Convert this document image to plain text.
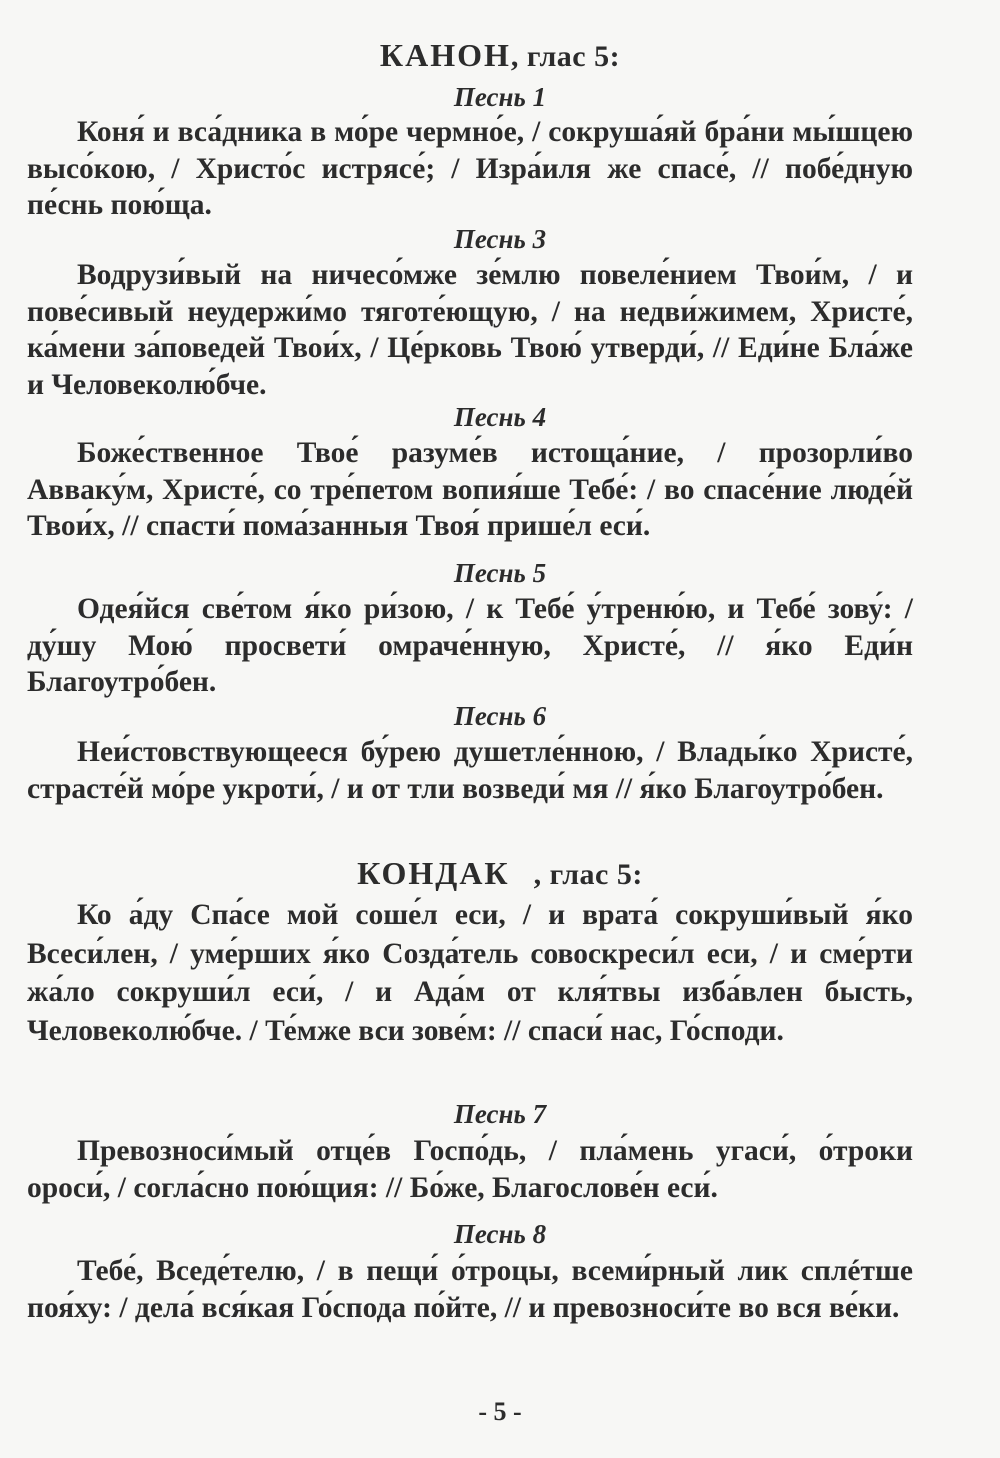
КАНОН, глас 5:
Песнь 1
Коня́ и вса́дника в мо́ре чермно́е, / сокруша́яй бра́ни мы́шцею высо́кою, / Христо́с истрясе́; / Изра́иля же спасе́, // побе́дную пе́снь пою́ща.
Песнь 3
Водрузи́вый на ничесо́мже зе́млю повеле́нием Твои́м, / и пове́сивый неудержи́мо тяготе́ющую, / на недви́жимем, Христе́, ка́мени за́поведей Твои́х, / Це́рковь Твою́ утверди́, // Еди́не Бла́же и Человеколю́бче.
Песнь 4
Боже́ственное Твое́ разуме́в истоща́ние, / прозорли́во Авваку́м, Христе́, со тре́петом вопия́ше Тебе́: / во спасе́ние люде́й Твои́х, // спасти́ пома́занныя Твоя́ прише́л еси́.
Песнь 5
Одея́йся све́том я́ко ри́зою, / к Тебе́ у́треню́ю, и Тебе́ зову́: / ду́шу Мою́ просвети́ омраче́нную, Христе́, // я́ко Еди́н Благоутро́бен.
Песнь 6
Неи́стовствующееся бу́рею душетле́нною, / Влады́ко Христе́, страсте́й мо́ре укроти́, / и от тли возведи́ мя // я́ко Благоутро́бен.
КОНДАК , глас 5:
Ко а́ду Спа́се мой соше́л еси, / и врата́ сокруши́вый я́ко Всеси́лен, / уме́рших я́ко Созда́тель совоскреси́л еси, / и сме́рти жа́ло сокруши́л еси́, / и Ада́м от кля́твы изба́влен бысть, Человеколю́бче. / Те́мже вси зове́м: // спаси́ нас, Го́споди.
Песнь 7
Превозноси́мый отце́в Госпо́дь, / пла́мень угаси́, о́троки ороси́, / согла́сно пою́щия: // Бо́же, Благослове́н еси́.
Песнь 8
Тебе́, Вседе́телю, / в пещи́ о́троцы, всеми́рный лик сплéтше поя́ху: / дела́ вся́кая Го́спода по́йте, // и превозноси́те во вся ве́ки.
- 5 -
